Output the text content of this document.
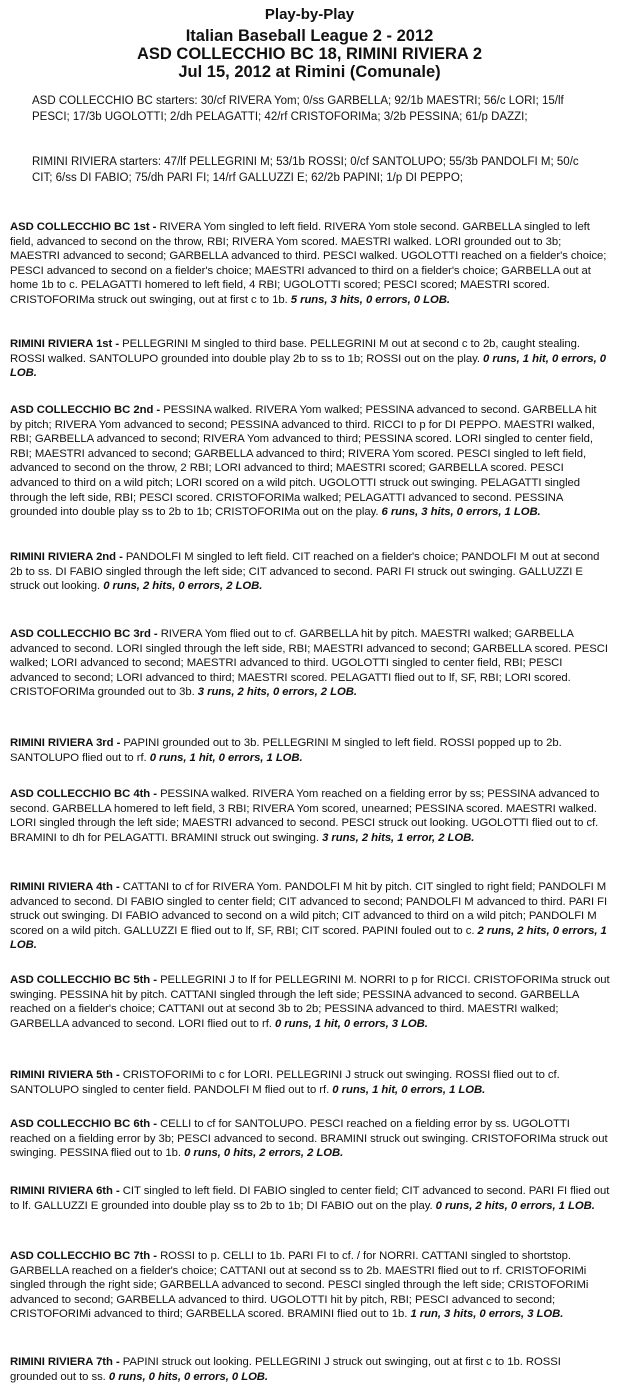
Play-by-Play
Italian Baseball League 2 - 2012
ASD COLLECCHIO BC 18, RIMINI RIVIERA 2
Jul 15, 2012 at Rimini (Comunale)
ASD COLLECCHIO BC starters: 30/cf RIVERA Yom; 0/ss GARBELLA; 92/1b MAESTRI; 56/c LORI; 15/lf PESCI; 17/3b UGOLOTTI; 2/dh PELAGATTI; 42/rf CRISTOFORIMa; 3/2b PESSINA; 61/p DAZZI;
RIMINI RIVIERA starters: 47/lf PELLEGRINI M; 53/1b ROSSI; 0/cf SANTOLUPO; 55/3b PANDOLFI M; 50/c CIT; 6/ss DI FABIO; 75/dh PARI FI; 14/rf GALLUZZI E; 62/2b PAPINI; 1/p DI PEPPO;
ASD COLLECCHIO BC 1st - RIVERA Yom singled to left field. RIVERA Yom stole second. GARBELLA singled to left field, advanced to second on the throw, RBI; RIVERA Yom scored. MAESTRI walked. LORI grounded out to 3b; MAESTRI advanced to second; GARBELLA advanced to third. PESCI walked. UGOLOTTI reached on a fielder's choice; PESCI advanced to second on a fielder's choice; MAESTRI advanced to third on a fielder's choice; GARBELLA out at home 1b to c. PELAGATTI homered to left field, 4 RBI; UGOLOTTI scored; PESCI scored; MAESTRI scored. CRISTOFORIMa struck out swinging, out at first c to 1b. 5 runs, 3 hits, 0 errors, 0 LOB.
RIMINI RIVIERA 1st - PELLEGRINI M singled to third base. PELLEGRINI M out at second c to 2b, caught stealing. ROSSI walked. SANTOLUPO grounded into double play 2b to ss to 1b; ROSSI out on the play. 0 runs, 1 hit, 0 errors, 0 LOB.
ASD COLLECCHIO BC 2nd - PESSINA walked. RIVERA Yom walked; PESSINA advanced to second. GARBELLA hit by pitch; RIVERA Yom advanced to second; PESSINA advanced to third. RICCI to p for DI PEPPO. MAESTRI walked, RBI; GARBELLA advanced to second; RIVERA Yom advanced to third; PESSINA scored. LORI singled to center field, RBI; MAESTRI advanced to second; GARBELLA advanced to third; RIVERA Yom scored. PESCI singled to left field, advanced to second on the throw, 2 RBI; LORI advanced to third; MAESTRI scored; GARBELLA scored. PESCI advanced to third on a wild pitch; LORI scored on a wild pitch. UGOLOTTI struck out swinging. PELAGATTI singled through the left side, RBI; PESCI scored. CRISTOFORIMa walked; PELAGATTI advanced to second. PESSINA grounded into double play ss to 2b to 1b; CRISTOFORIMa out on the play. 6 runs, 3 hits, 0 errors, 1 LOB.
RIMINI RIVIERA 2nd - PANDOLFI M singled to left field. CIT reached on a fielder's choice; PANDOLFI M out at second 2b to ss. DI FABIO singled through the left side; CIT advanced to second. PARI FI struck out swinging. GALLUZZI E struck out looking. 0 runs, 2 hits, 0 errors, 2 LOB.
ASD COLLECCHIO BC 3rd - RIVERA Yom flied out to cf. GARBELLA hit by pitch. MAESTRI walked; GARBELLA advanced to second. LORI singled through the left side, RBI; MAESTRI advanced to second; GARBELLA scored. PESCI walked; LORI advanced to second; MAESTRI advanced to third. UGOLOTTI singled to center field, RBI; PESCI advanced to second; LORI advanced to third; MAESTRI scored. PELAGATTI flied out to lf, SF, RBI; LORI scored. CRISTOFORIMa grounded out to 3b. 3 runs, 2 hits, 0 errors, 2 LOB.
RIMINI RIVIERA 3rd - PAPINI grounded out to 3b. PELLEGRINI M singled to left field. ROSSI popped up to 2b. SANTOLUPO flied out to rf. 0 runs, 1 hit, 0 errors, 1 LOB.
ASD COLLECCHIO BC 4th - PESSINA walked. RIVERA Yom reached on a fielding error by ss; PESSINA advanced to second. GARBELLA homered to left field, 3 RBI; RIVERA Yom scored, unearned; PESSINA scored. MAESTRI walked. LORI singled through the left side; MAESTRI advanced to second. PESCI struck out looking. UGOLOTTI flied out to cf. BRAMINI to dh for PELAGATTI. BRAMINI struck out swinging. 3 runs, 2 hits, 1 error, 2 LOB.
RIMINI RIVIERA 4th - CATTANI to cf for RIVERA Yom. PANDOLFI M hit by pitch. CIT singled to right field; PANDOLFI M advanced to second. DI FABIO singled to center field; CIT advanced to second; PANDOLFI M advanced to third. PARI FI struck out swinging. DI FABIO advanced to second on a wild pitch; CIT advanced to third on a wild pitch; PANDOLFI M scored on a wild pitch. GALLUZZI E flied out to lf, SF, RBI; CIT scored. PAPINI fouled out to c. 2 runs, 2 hits, 0 errors, 1 LOB.
ASD COLLECCHIO BC 5th - PELLEGRINI J to lf for PELLEGRINI M. NORRI to p for RICCI. CRISTOFORIMa struck out swinging. PESSINA hit by pitch. CATTANI singled through the left side; PESSINA advanced to second. GARBELLA reached on a fielder's choice; CATTANI out at second 3b to 2b; PESSINA advanced to third. MAESTRI walked; GARBELLA advanced to second. LORI flied out to rf. 0 runs, 1 hit, 0 errors, 3 LOB.
RIMINI RIVIERA 5th - CRISTOFORIMi to c for LORI. PELLEGRINI J struck out swinging. ROSSI flied out to cf. SANTOLUPO singled to center field. PANDOLFI M flied out to rf. 0 runs, 1 hit, 0 errors, 1 LOB.
ASD COLLECCHIO BC 6th - CELLI to cf for SANTOLUPO. PESCI reached on a fielding error by ss. UGOLOTTI reached on a fielding error by 3b; PESCI advanced to second. BRAMINI struck out swinging. CRISTOFORIMa struck out swinging. PESSINA flied out to 1b. 0 runs, 0 hits, 2 errors, 2 LOB.
RIMINI RIVIERA 6th - CIT singled to left field. DI FABIO singled to center field; CIT advanced to second. PARI FI flied out to lf. GALLUZZI E grounded into double play ss to 2b to 1b; DI FABIO out on the play. 0 runs, 2 hits, 0 errors, 1 LOB.
ASD COLLECCHIO BC 7th - ROSSI to p. CELLI to 1b. PARI FI to cf. / for NORRI. CATTANI singled to shortstop. GARBELLA reached on a fielder's choice; CATTANI out at second ss to 2b. MAESTRI flied out to rf. CRISTOFORIMi singled through the right side; GARBELLA advanced to second. PESCI singled through the left side; CRISTOFORIMi advanced to second; GARBELLA advanced to third. UGOLOTTI hit by pitch, RBI; PESCI advanced to second; CRISTOFORIMi advanced to third; GARBELLA scored. BRAMINI flied out to 1b. 1 run, 3 hits, 0 errors, 3 LOB.
RIMINI RIVIERA 7th - PAPINI struck out looking. PELLEGRINI J struck out swinging, out at first c to 1b. ROSSI grounded out to ss. 0 runs, 0 hits, 0 errors, 0 LOB.
